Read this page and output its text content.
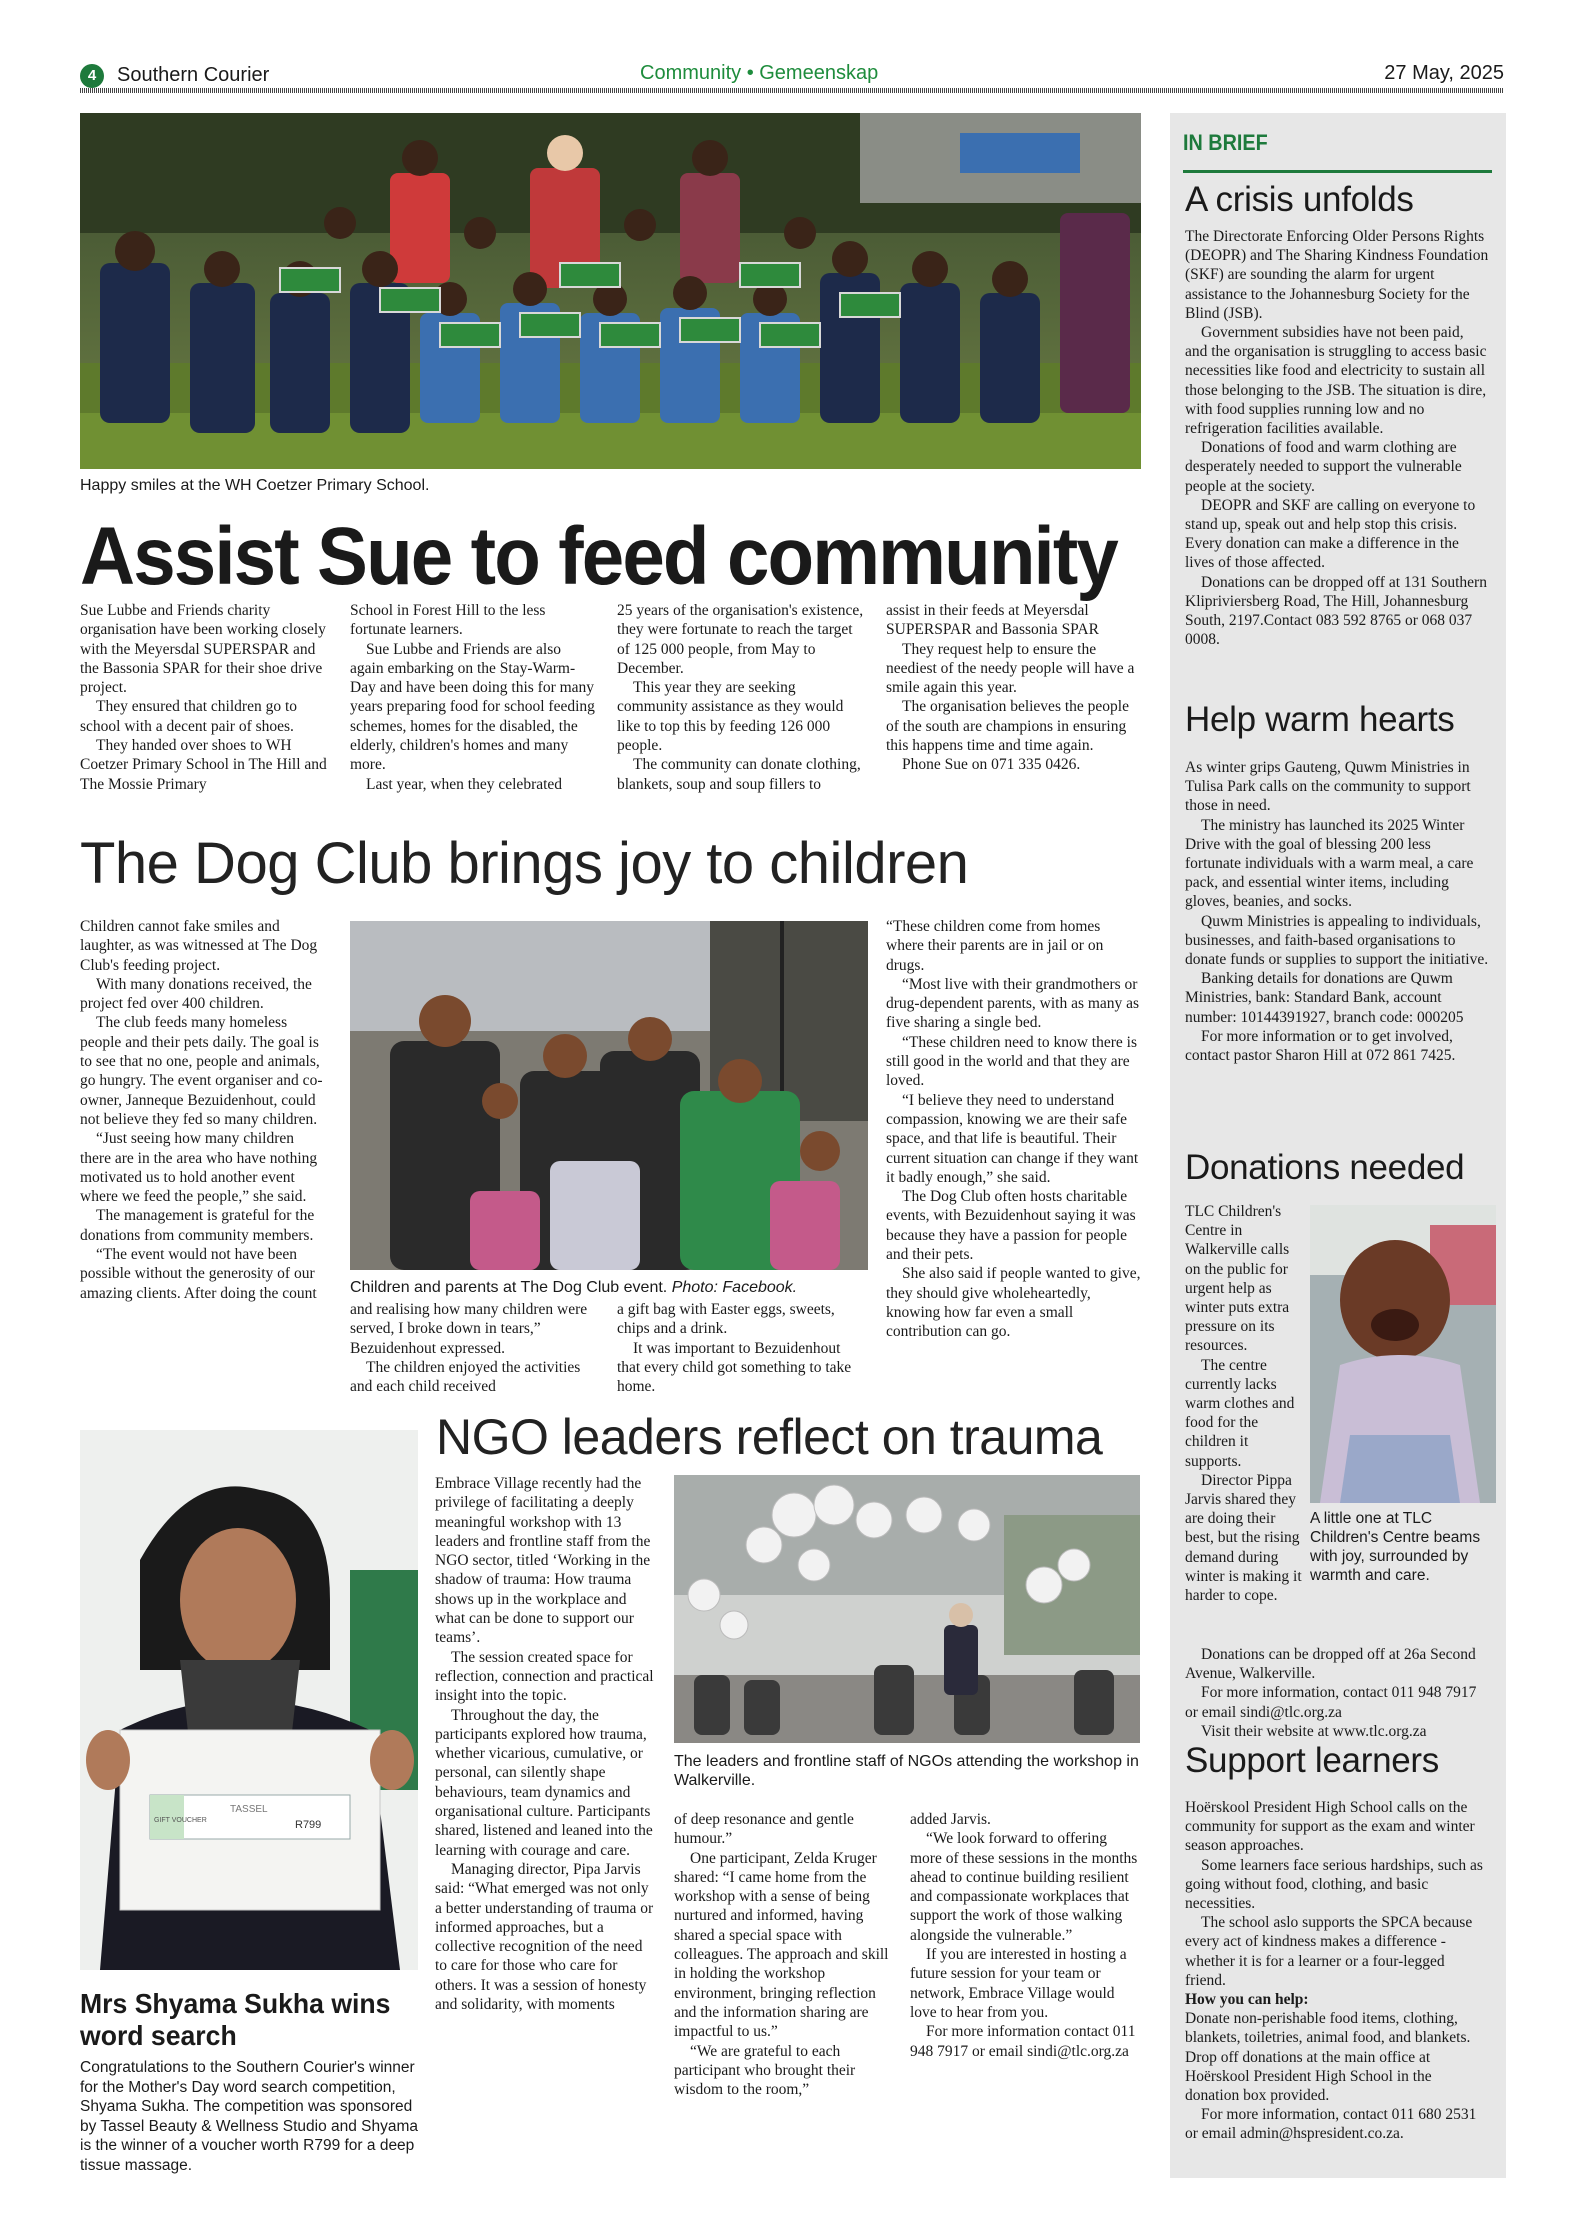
4	Southern Courier	Community • Gemeenskap	27 May, 2025
Happy smiles at the WH Coetzer Primary School.
Assist Sue to feed community

Sue Lubbe and Friends charity organisation have been working closely with the Meyersdal SUPERSPAR and the Bassonia SPAR for their shoe drive project.

They ensured that children go to school with a decent pair of shoes.

They handed over shoes to WH Coetzer Primary School in The Hill and The Mossie Primary

School in Forest Hill to the less fortunate learners.

Sue Lubbe and Friends are also again embarking on the Stay-Warm-Day and have been doing this for many years preparing food for school feeding schemes, homes for the disabled, the elderly, children's homes and many more.

Last year, when they celebrated

25 years of the organisation's existence, they were fortunate to reach the target of 125 000 people, from May to December.

This year they are seeking community assistance as they would like to top this by feeding 126 000 people.

The community can donate clothing, blankets, soup and soup fillers to

assist in their feeds at Meyersdal SUPERSPAR and Bassonia SPAR

They request help to ensure the neediest of the needy people will have a smile again this year.

The organisation believes the people of the south are champions in ensuring this happens time and time again.

Phone Sue on 071 335 0426.

The Dog Club brings joy to children

Children cannot fake smiles and laughter, as was witnessed at The Dog Club's feeding project.

With many donations received, the project fed over 400 children.

The club feeds many homeless people and their pets daily. The goal is to see that no one, people and animals, go hungry. The event organiser and co-owner, Janneque Bezuidenhout, could not believe they fed so many children.

“Just seeing how many children there are in the area who have nothing motivated us to hold another event where we feed the people,” she said.

The management is grateful for the donations from community members.

“The event would not have been possible without the generosity of our amazing clients. After doing the count	Children and parents at The Dog Club event. Photo: Facebook.

and realising how many children were served, I broke down in tears,” Bezuidenhout expressed.

The children enjoyed the activities and each child received

a gift bag with Easter eggs, sweets, chips and a drink.

It was important to Bezuidenhout that every child got something to take home.

“These children come from homes where their parents are in jail or on drugs.

“Most live with their grandmothers or drug-dependent parents, with as many as five sharing a single bed.

“These children need to know there is still good in the world and that they are loved.

“I believe they need to understand compassion, knowing we are their safe space, and that life is beautiful. Their current situation can change if they want it badly enough,” she said.

The Dog Club often hosts charitable events, with Bezuidenhout saying it was because they have a passion for people and their pets.

She also said if people wanted to give, they should give wholeheartedly, knowing how far even a small contribution can go.

GIFT VOUCHER
TASSEL
R799
Mrs Shyama Sukha wins word search
Congratulations to the Southern Courier's winner for the Mother's Day word search competition, Shyama Sukha. The competition was sponsored by Tassel Beauty & Wellness Studio and Shyama is the winner of a voucher worth R799 for a deep tissue massage.
NGO leaders reflect on trauma

Embrace Village recently had the privilege of facilitating a deeply meaningful workshop with 13 leaders and frontline staff from the NGO sector, titled ‘Working in the shadow of trauma: How trauma shows up in the workplace and what can be done to support our teams’.

The session created space for reflection, connection and practical insight into the topic.

Throughout the day, the participants explored how trauma, whether vicarious, cumulative, or personal, can silently shape behaviours, team dynamics and organisational culture. Participants shared, listened and leaned into the learning with courage and care.

Managing director, Pipa Jarvis said: “What emerged was not only a better understanding of trauma or informed approaches, but a collective recognition of the need to care for those who care for others. It was a session of honesty and solidarity, with moments

The leaders and frontline staff of NGOs attending the workshop in Walkerville.

of deep resonance and gentle humour.”

One participant, Zelda Kruger shared: “I came home from the workshop with a sense of being nurtured and informed, having shared a special space with colleagues. The approach and skill in holding the workshop environment, bringing reflection and the information sharing are impactful to us.”

“We are grateful to each participant who brought their wisdom to the room,”

added Jarvis.

“We look forward to offering more of these sessions in the months ahead to continue building resilient and compassionate workplaces that support the work of those walking alongside the vulnerable.”

If you are interested in hosting a future session for your team or network, Embrace Village would love to hear from you.

For more information contact 011 948 7917 or email sindi@tlc.org.za

IN BRIEF
A crisis unfolds

The Directorate Enforcing Older Persons Rights (DEOPR) and The Sharing Kindness Foundation (SKF) are sounding the alarm for urgent assistance to the Johannesburg Society for the Blind (JSB).

Government subsidies have not been paid, and the organisation is struggling to access basic necessities like food and electricity to sustain all those belonging to the JSB. The situation is dire, with food supplies running low and no refrigeration facilities available.

Donations of food and warm clothing are desperately needed to support the vulnerable people at the society.

DEOPR and SKF are calling on everyone to stand up, speak out and help stop this crisis. Every donation can make a difference in the lives of those affected.

Donations can be dropped off at 131 Southern Klipriviersberg Road, The Hill, Johannesburg South, 2197.Contact 083 592 8765 or 068 037 0008.

Help warm hearts

As winter grips Gauteng, Quwm Ministries in Tulisa Park calls on the community to support those in need.

The ministry has launched its 2025 Winter Drive with the goal of blessing 200 less fortunate individuals with a warm meal, a care pack, and essential winter items, including gloves, beanies, and socks.

Quwm Ministries is appealing to individuals, businesses, and faith-based organisations to donate funds or supplies to support the initiative.

Banking details for donations are Quwm Ministries, bank: Standard Bank, account number: 10144391927, branch code: 000205

For more information or to get involved, contact pastor Sharon Hill at 072 861 7425.

Donations needed

TLC Children's Centre in Walkerville calls on the public for urgent help as winter puts extra pressure on its resources.

The centre currently lacks warm clothes and food for the children it supports.

Director Pippa Jarvis shared they are doing their best, but the rising demand during winter is making it harder to cope.

A little one at TLC Children's Centre beams with joy, surrounded by warmth and care.

Donations can be dropped off at 26a Second Avenue, Walkerville.

For more information, contact 011 948 7917 or email sindi@tlc.org.za

Visit their website at www.tlc.org.za

Support learners

Hoërskool President High School calls on the community for support as the exam and winter season approaches.

Some learners face serious hardships, such as going without food, clothing, and basic necessities.

The school aslo supports the SPCA because every act of kindness makes a difference - whether it is for a learner or a four-legged friend.

How you can help:

Donate non-perishable food items, clothing, blankets, toiletries, animal food, and blankets. Drop off donations at the main office at Hoërskool President High School in the donation box provided.

For more information, contact 011 680 2531 or email admin@hspresident.co.za.
